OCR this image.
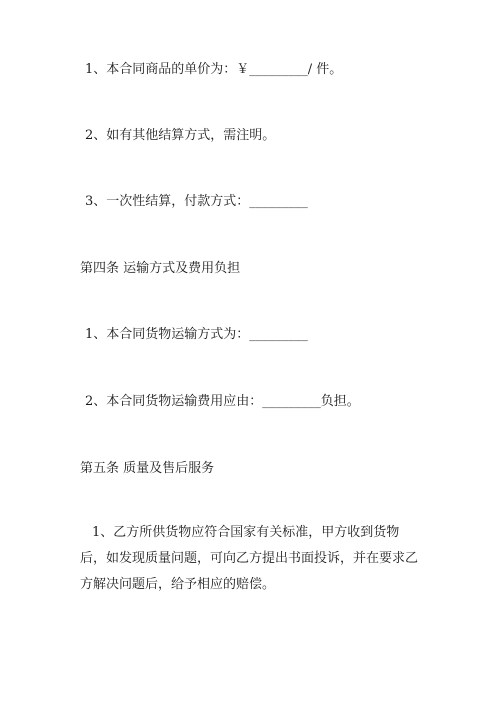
1、本合同商品的单价为：￥_________/ 件。
2、如有其他结算方式，需注明。
3、一次性结算，付款方式：_________
第四条 运输方式及费用负担
1、本合同货物运输方式为：_________
2、本合同货物运输费用应由：_________负担。
第五条 质量及售后服务
1、乙方所供货物应符合国家有关标准，甲方收到货物后，如发现质量问题，可向乙方提出书面投诉，并在要求乙方解决问题后，给予相应的赔偿。
